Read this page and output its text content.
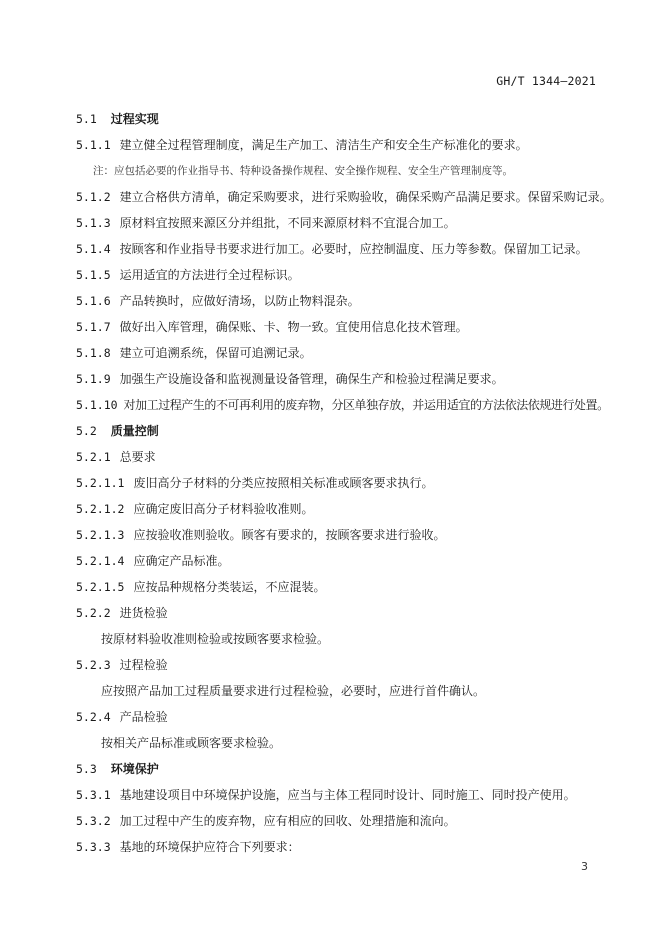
GH/T 1344—2021
5.1 过程实现
5.1.1 建立健全过程管理制度，满足生产加工、清洁生产和安全生产标准化的要求。
注：应包括必要的作业指导书、特种设备操作规程、安全操作规程、安全生产管理制度等。
5.1.2 建立合格供方清单，确定采购要求，进行采购验收，确保采购产品满足要求。保留采购记录。
5.1.3 原材料宜按照来源区分并组批，不同来源原材料不宜混合加工。
5.1.4 按顾客和作业指导书要求进行加工。必要时，应控制温度、压力等参数。保留加工记录。
5.1.5 运用适宜的方法进行全过程标识。
5.1.6 产品转换时，应做好清场，以防止物料混杂。
5.1.7 做好出入库管理，确保账、卡、物一致。宜使用信息化技术管理。
5.1.8 建立可追溯系统，保留可追溯记录。
5.1.9 加强生产设施设备和监视测量设备管理，确保生产和检验过程满足要求。
5.1.10 对加工过程产生的不可再利用的废弃物，分区单独存放，并运用适宜的方法依法依规进行处置。
5.2 质量控制
5.2.1 总要求
5.2.1.1 废旧高分子材料的分类应按照相关标准或顾客要求执行。
5.2.1.2 应确定废旧高分子材料验收准则。
5.2.1.3 应按验收准则验收。顾客有要求的，按顾客要求进行验收。
5.2.1.4 应确定产品标准。
5.2.1.5 应按品种规格分类装运，不应混装。
5.2.2 进货检验
按原材料验收准则检验或按顾客要求检验。
5.2.3 过程检验
应按照产品加工过程质量要求进行过程检验，必要时，应进行首件确认。
5.2.4 产品检验
按相关产品标准或顾客要求检验。
5.3 环境保护
5.3.1 基地建设项目中环境保护设施，应当与主体工程同时设计、同时施工、同时投产使用。
5.3.2 加工过程中产生的废弃物，应有相应的回收、处理措施和流向。
5.3.3 基地的环境保护应符合下列要求：
3
